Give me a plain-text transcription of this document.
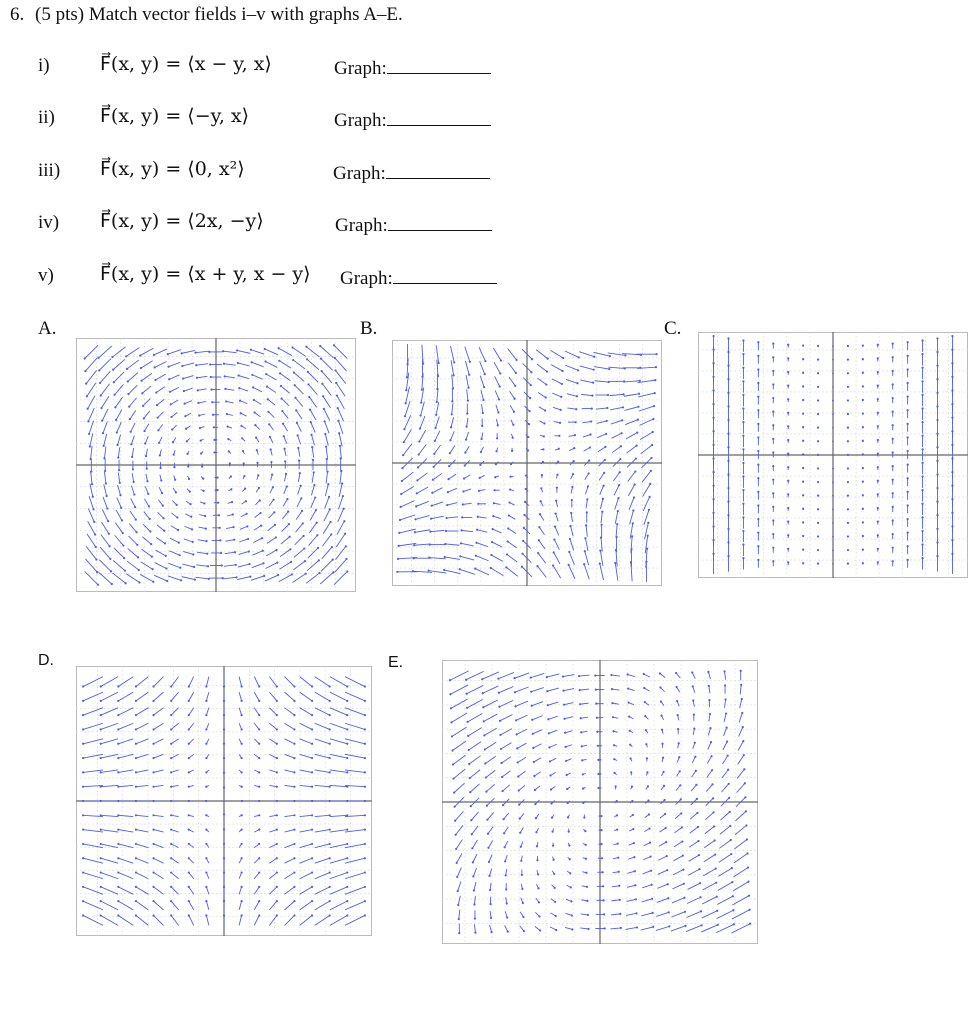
6. (5 pts) Match vector fields i–v with graphs A–E.
i)	F⃗(x, y) = ⟨x − y, x⟩	Graph:
ii) F⃗(x, y) = ⟨−y, x⟩	Graph:
iii) F⃗(x, y) = ⟨0, x²⟩	Graph:
iv) F⃗(x, y) = ⟨2x, −y⟩	Graph:
v) F⃗(x, y) = ⟨x + y, x − y⟩ Graph:
A.	B.	C.
D.	E.
